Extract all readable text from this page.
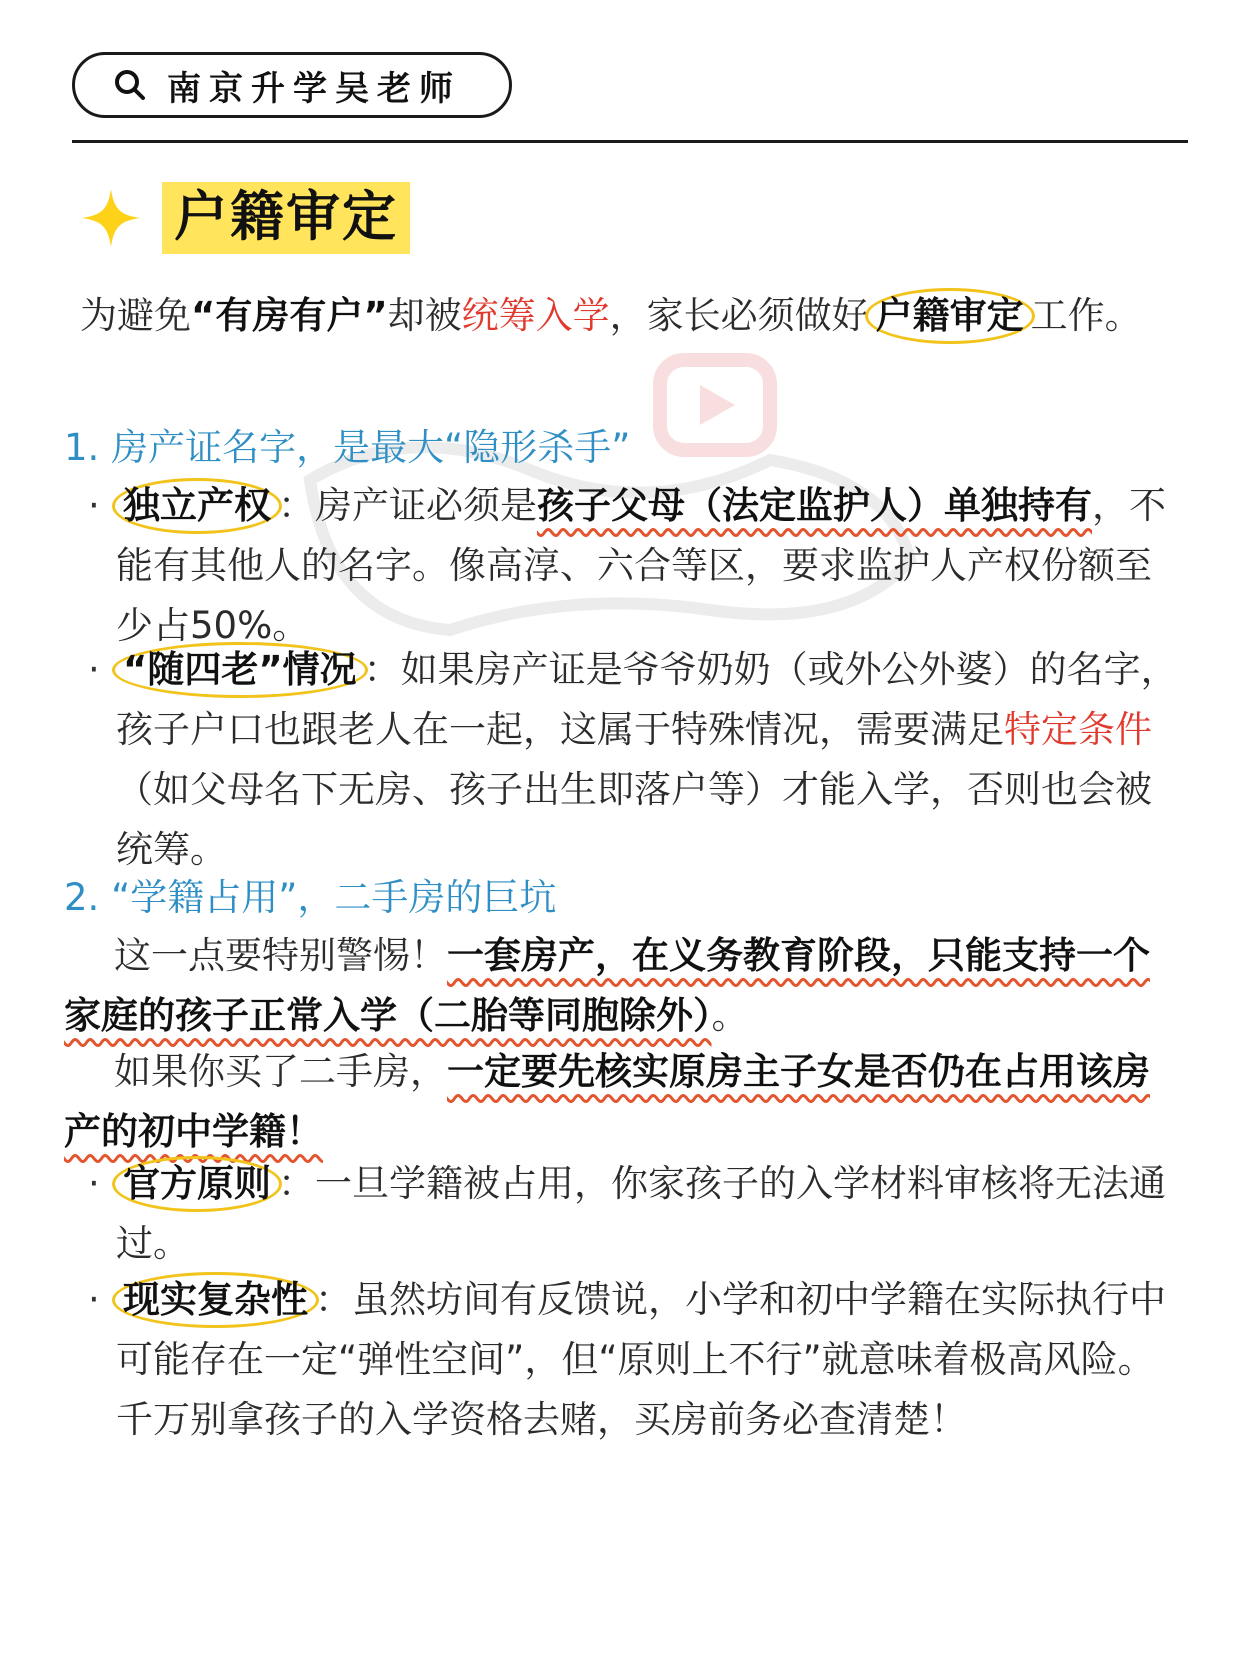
南京升学吴老师
户籍审定

为避免“有房有户”却被统筹入学，家长必须做好 户籍审定 工作。

1. 房产证名字，是最大“隐形杀手”

· 独立产权 ：房产证必须是孩子父母（法定监护人）单独持有，不能有其他人的名字。像高淳、六合等区，要求监护人产权份额至少占50%。

· “随四老”情况 ：如果房产证是爷爷奶奶（或外公外婆）的名字，孩子户口也跟老人在一起，这属于特殊情况，需要满足特定条件（如父母名下无房、孩子出生即落户等）才能入学，否则也会被统筹。

2. “学籍占用”，二手房的巨坑

这一点要特别警惕！一套房产，在义务教育阶段，只能支持一个家庭的孩子正常入学（二胎等同胞除外）。

如果你买了二手房，一定要先核实原房主子女是否仍在占用该房产的初中学籍！

· 官方原则 ：一旦学籍被占用，你家孩子的入学材料审核将无法通过。

· 现实复杂性 ：虽然坊间有反馈说，小学和初中学籍在实际执行中可能存在一定“弹性空间”，但“原则上不行”就意味着极高风险。千万别拿孩子的入学资格去赌，买房前务必查清楚！
